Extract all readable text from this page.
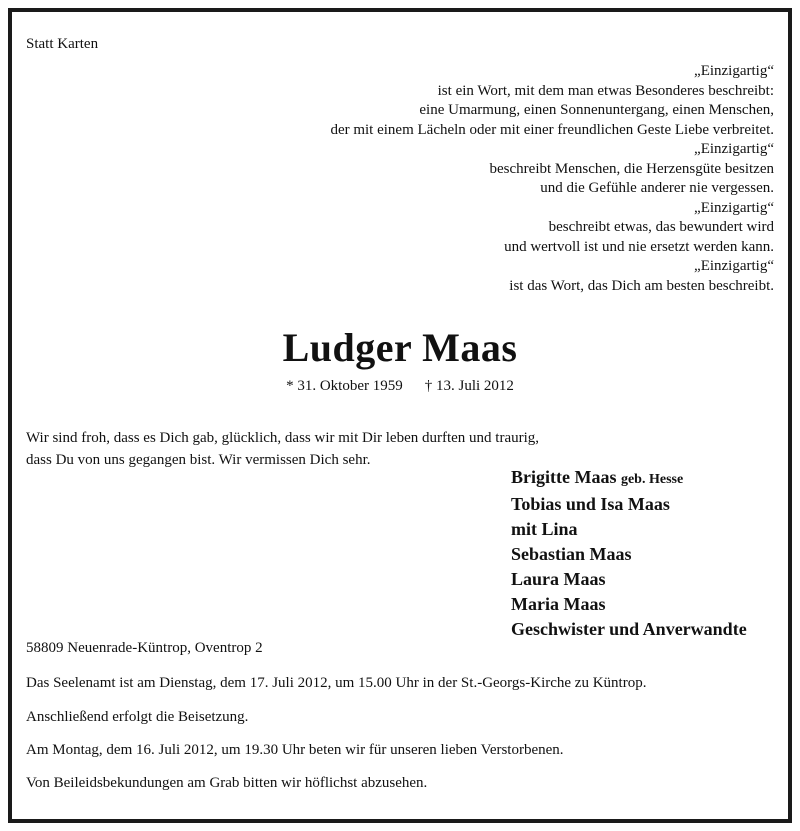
Statt Karten
„Einzigartig“
ist ein Wort, mit dem man etwas Besonderes beschreibt:
eine Umarmung, einen Sonnenuntergang, einen Menschen,
der mit einem Lächeln oder mit einer freundlichen Geste Liebe verbreitet.
„Einzigartig“
beschreibt Menschen, die Herzensgüte besitzen
und die Gefühle anderer nie vergessen.
„Einzigartig“
beschreibt etwas, das bewundert wird
und wertvoll ist und nie ersetzt werden kann.
„Einzigartig“
ist das Wort, das Dich am besten beschreibt.
Ludger Maas
* 31. Oktober 1959 † 13. Juli 2012
Wir sind froh, dass es Dich gab, glücklich, dass wir mit Dir leben durften und traurig,
dass Du von uns gegangen bist. Wir vermissen Dich sehr.
Brigitte Maas geb. Hesse
Tobias und Isa Maas
mit Lina
Sebastian Maas
Laura Maas
Maria Maas
Geschwister und Anverwandte
58809 Neuenrade-Küntrop, Oventrop 2
Das Seelenamt ist am Dienstag, dem 17. Juli 2012, um 15.00 Uhr in der St.-Georgs-Kirche zu Küntrop.
Anschließend erfolgt die Beisetzung.
Am Montag, dem 16. Juli 2012, um 19.30 Uhr beten wir für unseren lieben Verstorbenen.
Von Beileidsbekundungen am Grab bitten wir höflichst abzusehen.
